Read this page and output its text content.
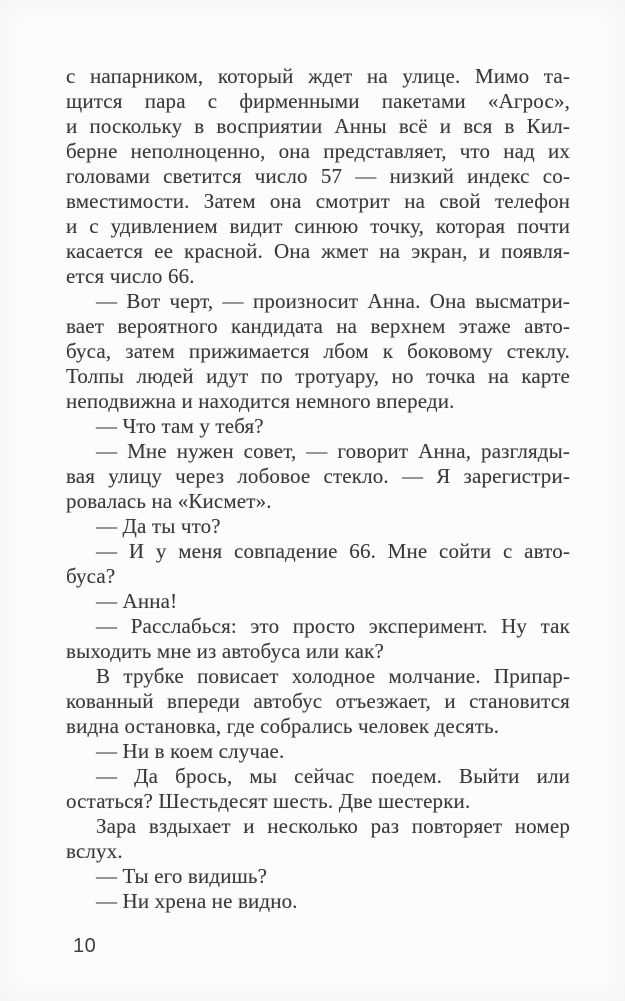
с напарником, который ждет на улице. Мимо та-
щится пара с фирменными пакетами «Агрос»,
и поскольку в восприятии Анны всё и вся в Кил-
берне неполноценно, она представляет, что над их
головами светится число 57 — низкий индекс со-
вместимости. Затем она смотрит на свой телефон
и с удивлением видит синюю точку, которая почти
касается ее красной. Она жмет на экран, и появля-
ется число 66.
— Вот черт, — произносит Анна. Она высматри-
вает вероятного кандидата на верхнем этаже авто-
буса, затем прижимается лбом к боковому стеклу.
Толпы людей идут по тротуару, но точка на карте
неподвижна и находится немного впереди.
— Что там у тебя?
— Мне нужен совет, — говорит Анна, разгляды-
вая улицу через лобовое стекло. — Я зарегистри-
ровалась на «Кисмет».
— Да ты что?
— И у меня совпадение 66. Мне сойти с авто-
буса?
— Анна!
— Расслабься: это просто эксперимент. Ну так
выходить мне из автобуса или как?
В трубке повисает холодное молчание. Припар-
кованный впереди автобус отъезжает, и становится
видна остановка, где собрались человек десять.
— Ни в коем случае.
— Да брось, мы сейчас поедем. Выйти или
остаться? Шестьдесят шесть. Две шестерки.
Зара вздыхает и несколько раз повторяет номер
вслух.
— Ты его видишь?
— Ни хрена не видно.
10
